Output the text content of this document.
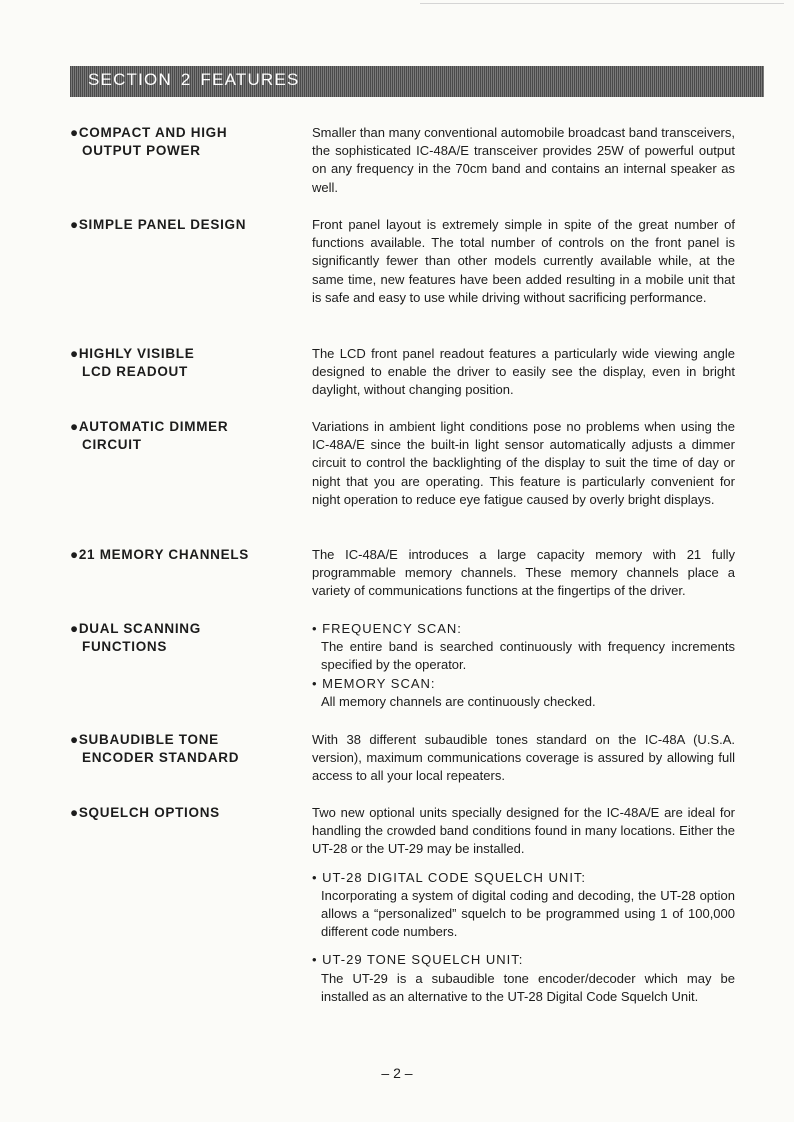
SECTION 2 FEATURES
●COMPACT AND HIGH
OUTPUT POWER

Smaller than many conventional automobile broadcast band transceivers, the sophisticated IC-48A/E transceiver provides 25W of powerful output on any frequency in the 70cm band and contains an internal speaker as well.

●SIMPLE PANEL DESIGN	Front panel layout is extremely simple in spite of the great number of functions available. The total number of controls on the front panel is significantly fewer than other models currently available while, at the same time, new features have been added resulting in a mobile unit that is safe and easy to use while driving without sacrificing performance.

●HIGHLY VISIBLE
LCD READOUT

The LCD front panel readout features a particularly wide viewing angle designed to enable the driver to easily see the display, even in bright daylight, without changing position.

●AUTOMATIC DIMMER
CIRCUIT

Variations in ambient light conditions pose no problems when using the IC-48A/E since the built-in light sensor automatically adjusts a dimmer circuit to control the backlighting of the display to suit the time of day or night that you are operating. This feature is particularly convenient for night operation to reduce eye fatigue caused by overly bright displays.

●21 MEMORY CHANNELS	The IC-48A/E introduces a large capacity memory with 21 fully programmable memory channels. These memory channels place a variety of communications functions at the fingertips of the driver.

●DUAL SCANNING
FUNCTIONS
• FREQUENCY SCAN:
The entire band is searched continuously with frequency increments specified by the operator.
• MEMORY SCAN:
All memory channels are continuously checked.
●SUBAUDIBLE TONE
ENCODER STANDARD

With 38 different subaudible tones standard on the IC-48A (U.S.A. version), maximum communications coverage is assured by allowing full access to all your local repeaters.

●SQUELCH OPTIONS	Two new optional units specially designed for the IC-48A/E are ideal for handling the crowded band conditions found in many locations. Either the UT-28 or the UT-29 may be installed.

• UT-28 DIGITAL CODE SQUELCH UNIT:
Incorporating a system of digital coding and decoding, the UT-28 option allows a “personalized” squelch to be programmed using 1 of 100,000 different code numbers.
• UT-29 TONE SQUELCH UNIT:
The UT-29 is a subaudible tone encoder/decoder which may be installed as an alternative to the UT-28 Digital Code Squelch Unit.
– 2 –
